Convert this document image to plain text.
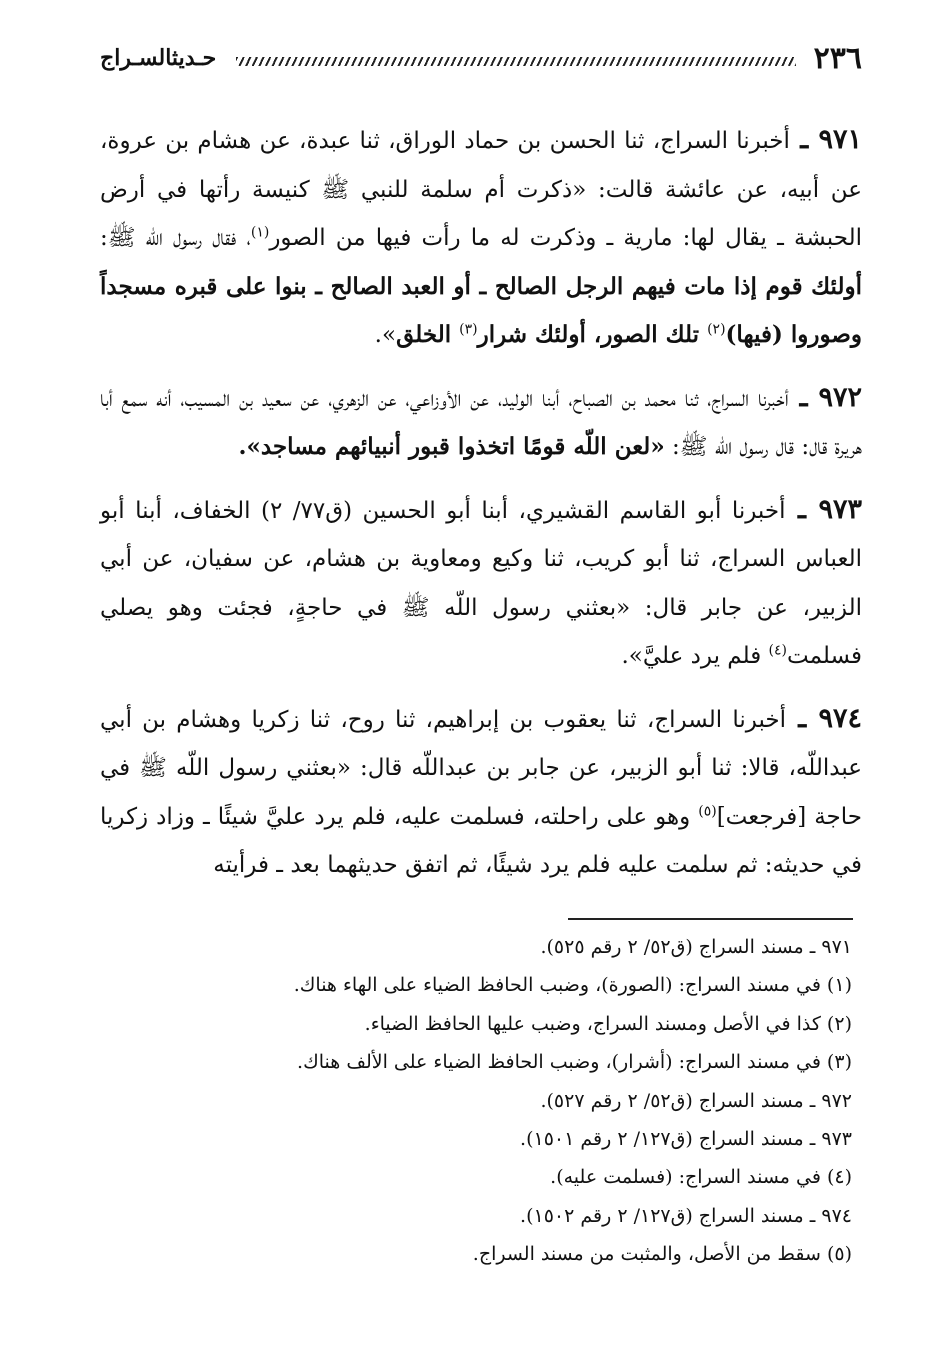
٢٣٦
حـديثالسـراج

٩٧١ ـ أخبرنا السراج، ثنا الحسن بن حماد الوراق، ثنا عبدة، عن هشام بن عروة، عن أبيه، عن عائشة قالت: «ذكرت أم سلمة للنبي ﷺ كنيسة رأتها في أرض الحبشة ـ يقال لها: مارية ـ وذكرت له ما رأت فيها من الصور$^{(١)}$، فقال رسول اللّه ﷺ: أولئك قوم إذا مات فيهم الرجل الصالح ـ أو العبد الصالح ـ بنوا على قبره مسجداً وصوروا (فيها)$^{(٢)}$ تلك الصور، أولئك شرار$^{(٣)}$ الخلق».

٩٧٢ ـ أخبرنا السراج، ثنا محمد بن الصباح، أبنا الوليد، عن الأوزاعي، عن الزهري، عن سعيد بن المسيب، أنه سمع أبا هريرة قال: قال رسول اللّه ﷺ: «لعن اللّه قومًا اتخذوا قبور أنبيائهم مساجد».

٩٧٣ ـ أخبرنا أبو القاسم القشيري، أبنا أبو الحسين (ق٧٧/ ٢) الخفاف، أبنا أبو العباس السراج، ثنا أبو كريب، ثنا وكيع ومعاوية بن هشام، عن سفيان، عن أبي الزبير، عن جابر قال: «بعثني رسول اللّه ﷺ في حاجةٍ، فجئت وهو يصلي فسلمت$^{(٤)}$ فلم يرد عليَّ».

٩٧٤ ـ أخبرنا السراج، ثنا يعقوب بن إبراهيم، ثنا روح، ثنا زكريا وهشام بن أبي عبداللّه، قالا: ثنا أبو الزبير، عن جابر بن عبداللّه قال: «بعثني رسول اللّه ﷺ في حاجة [فرجعت]$^{(٥)}$ وهو على راحلته، فسلمت عليه، فلم يرد عليَّ شيئًا ـ وزاد زكريا في حديثه: ثم سلمت عليه فلم يرد شيئًا، ثم اتفق حديثهما بعد ـ فرأيته

٩٧١ ـ مسند السراج (ق٥٢/ ٢ رقم ٥٢٥).
(١) في مسند السراج: (الصورة)، وضبب الحافظ الضياء على الهاء هناك.
(٢) كذا في الأصل ومسند السراج، وضبب عليها الحافظ الضياء.
(٣) في مسند السراج: (أشرار)، وضبب الحافظ الضياء على الألف هناك.
٩٧٢ ـ مسند السراج (ق٥٢/ ٢ رقم ٥٢٧).
٩٧٣ ـ مسند السراج (ق١٢٧/ ٢ رقم ١٥٠١).
(٤) في مسند السراج: (فسلمت عليه).
٩٧٤ ـ مسند السراج (ق١٢٧/ ٢ رقم ١٥٠٢).
(٥) سقط من الأصل، والمثبت من مسند السراج.
